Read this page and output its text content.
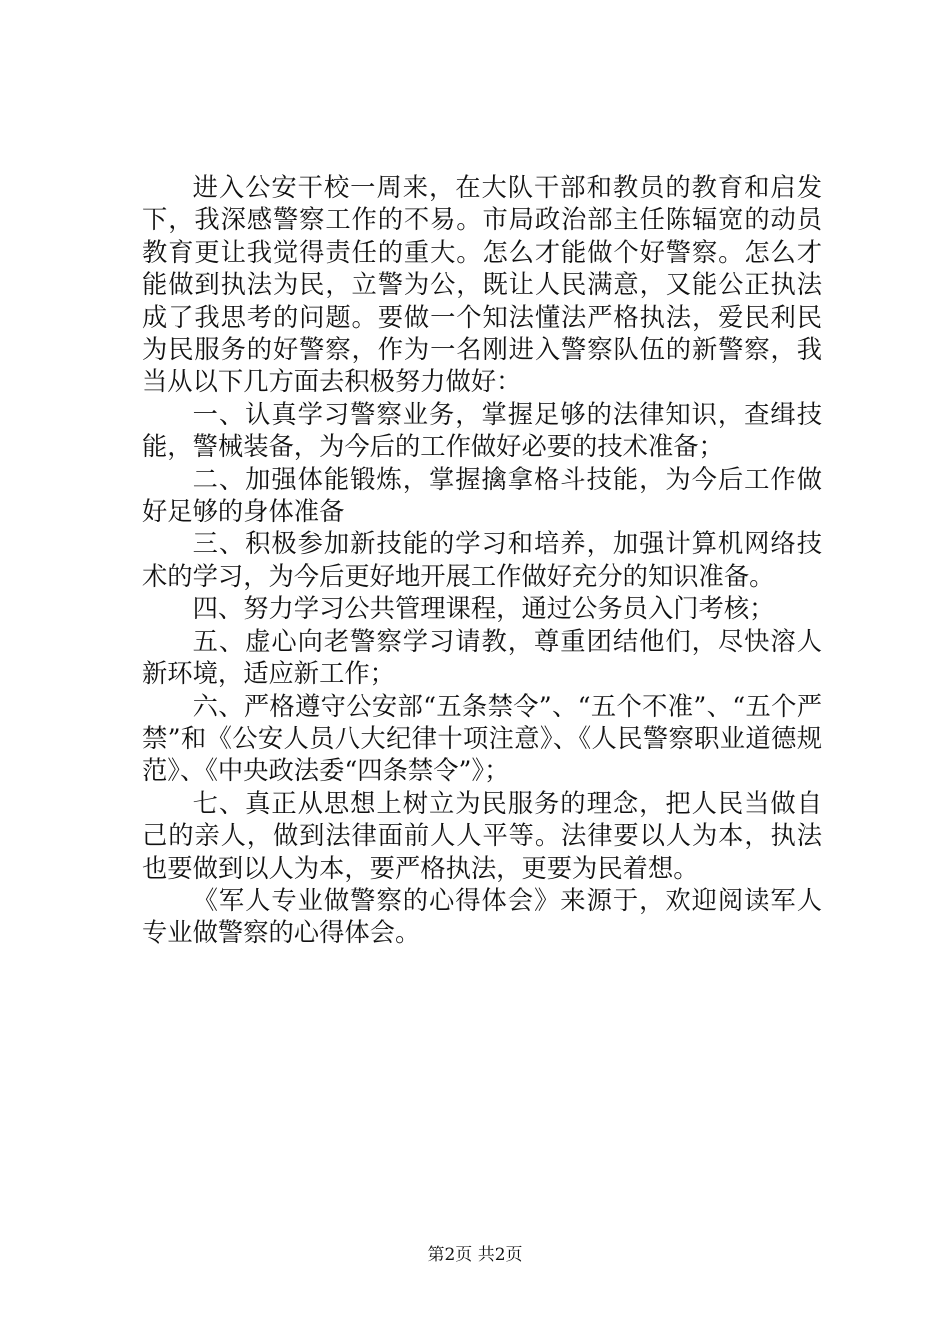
进入公安干校一周来，在大队干部和教员的教育和启发下，我深感警察工作的不易。市局政治部主任陈辐宽的动员教育更让我觉得责任的重大。怎么才能做个好警察。怎么才能做到执法为民，立警为公，既让人民满意，又能公正执法成了我思考的问题。要做一个知法懂法严格执法，爱民利民为民服务的好警察，作为一名刚进入警察队伍的新警察，我当从以下几方面去积极努力做好：

一、认真学习警察业务，掌握足够的法律知识，查缉技能，警械装备，为今后的工作做好必要的技术准备；

二、加强体能锻炼，掌握擒拿格斗技能，为今后工作做好足够的身体准备

三、积极参加新技能的学习和培养，加强计算机网络技术的学习，为今后更好地开展工作做好充分的知识准备。

四、努力学习公共管理课程，通过公务员入门考核；

五、虚心向老警察学习请教，尊重团结他们，尽快溶人新环境，适应新工作；

六、严格遵守公安部“五条禁令”、“五个不准”、“五个严禁”和《公安人员八大纪律十项注意》、《人民警察职业道德规范》、《中央政法委“四条禁令”》；

七、真正从思想上树立为民服务的理念，把人民当做自己的亲人，做到法律面前人人平等。法律要以人为本，执法也要做到以人为本，要严格执法，更要为民着想。

《军人专业做警察的心得体会》来源于，欢迎阅读军人专业做警察的心得体会。

第2页 共2页
